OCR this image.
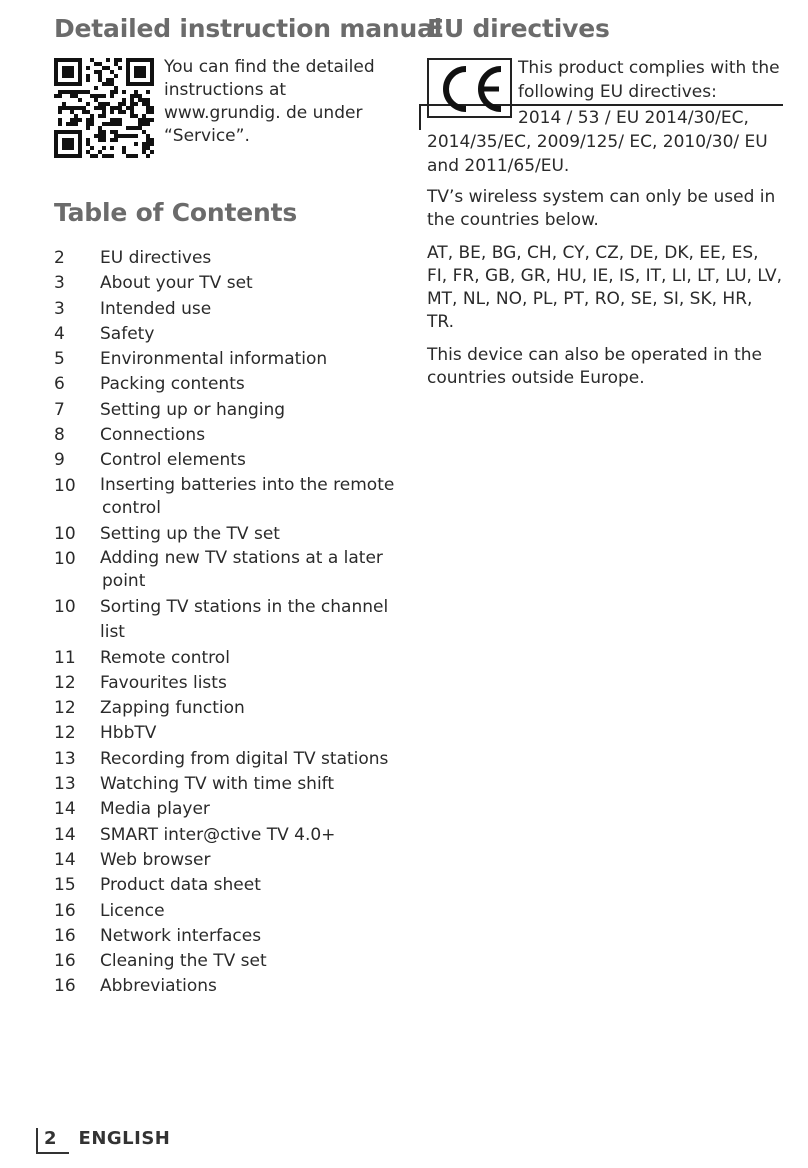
Detailed instruction manual

You can find the detailed instructions at www.grundig. de under “Service”.

Table of Contents
2	EU directives
3	About your TV set
3	Intended use
4	Safety
5	Environmental information
6	Packing contents
7	Setting up or hanging
8	Connections
9	Control elements
10	Inserting batteries into the remote
control
10	Setting up the TV set
10	Adding new TV stations at a later
point
10	Sorting TV stations in the channel list
11	Remote control
12	Favourites lists
12	Zapping function
12	HbbTV
13	Recording from digital TV stations
13	Watching TV with time shift
14	Media player
14	SMART inter@ctive TV 4.0+
14	Web browser
15	Product data sheet
16	Licence
16	Network interfaces
16	Cleaning the TV set
16	Abbreviations
EU directives

This product complies with the following EU directives:
2014 / 53 / EU 2014/30/EC,
2014/35/EC, 2009/125/ EC, 2010/30/ EU and 2011/65/EU.

TV’s wireless system can only be used in the countries below.

AT, BE, BG, CH, CY, CZ, DE, DK, EE, ES, FI, FR, GB, GR, HU, IE, IS, IT, LI, LT, LU, LV, MT, NL, NO, PL, PT, RO, SE, SI, SK, HR, TR.

This device can also be operated in the countries outside Europe.

2	ENGLISH
